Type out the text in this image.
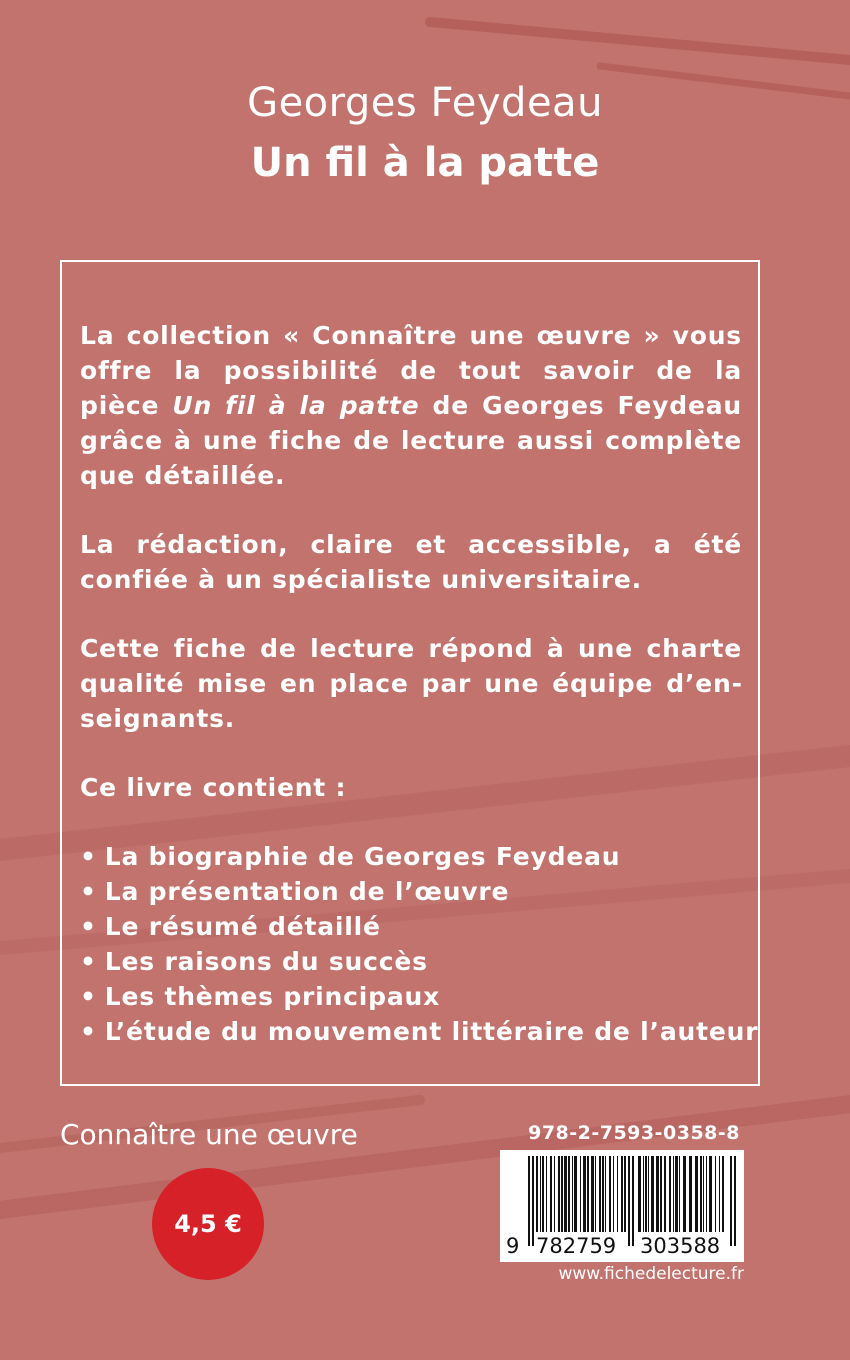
Georges Feydeau
Un fil à la patte

La collection « Connaître une œuvre » vous offre la possibilité de tout savoir de la pièce Un fil à la patte de Georges Feydeau grâce à une fiche de lecture aussi complète que détaillée.

La rédaction, claire et accessible, a été confiée à un spécialiste universitaire.

Cette fiche de lecture répond à une charte qualité mise en place par une équipe d’enseignants.

Ce livre contient :

• La biographie de Georges Feydeau
• La présentation de l’œuvre
• Le résumé détaillé
• Les raisons du succès
• Les thèmes principaux
• L’étude du mouvement littéraire de l’auteur
Connaître une œuvre
4,5 €
978-2-7593-0358-8
9 782759 303588
www.fichedelecture.fr
